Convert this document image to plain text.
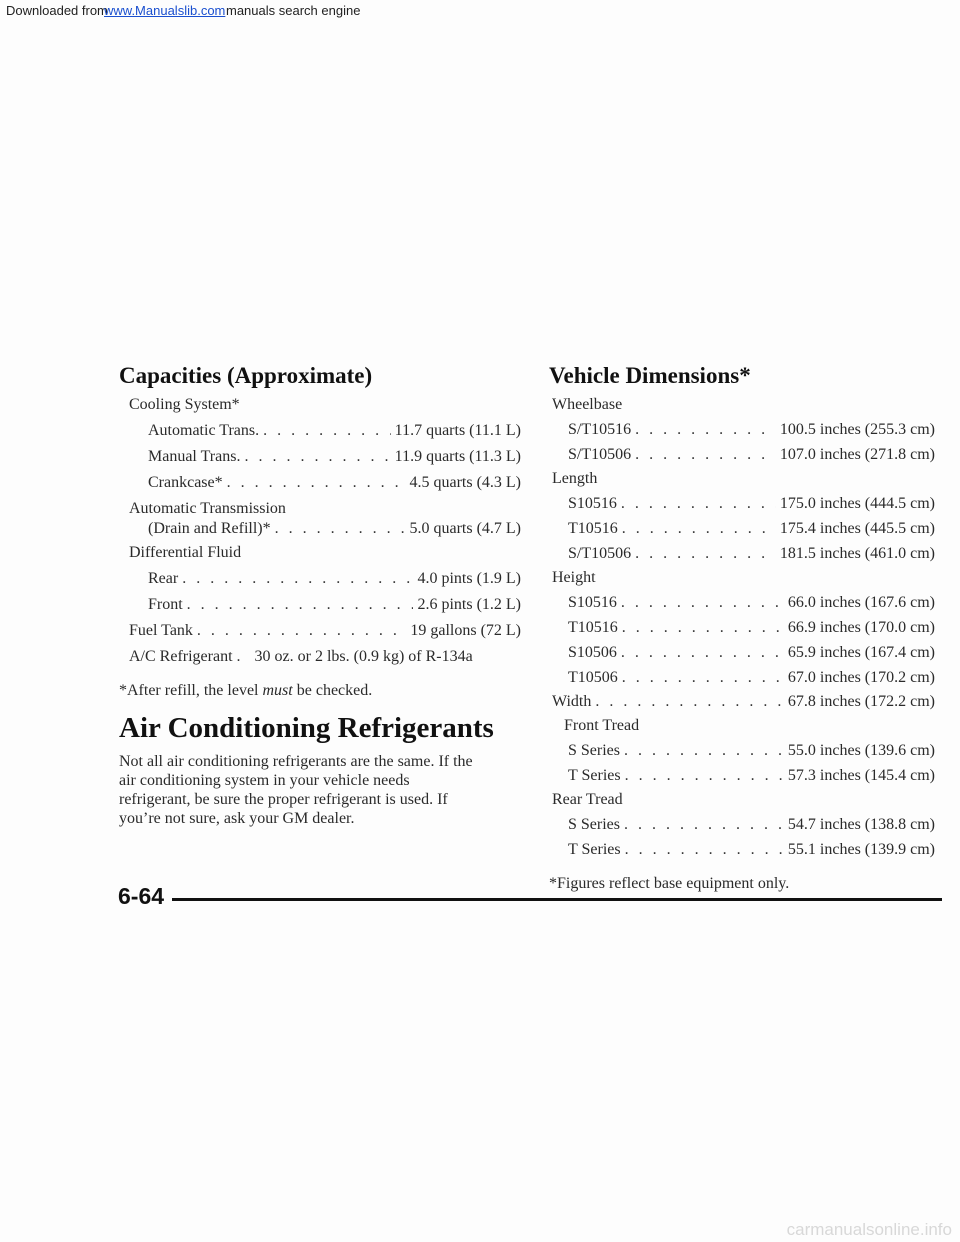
Downloaded from
www.Manualslib.com manuals search engine
Capacities (Approximate)
Cooling System*
Automatic Trans. . . .	11.7 quarts (11.1 L)
Manual Trans. . . .	11.9 quarts (11.3 L)
Crankcase* . . .	4.5 quarts (4.3 L)
Automatic Transmission
(Drain and Refill)* . . .	5.0 quarts (4.7 L)
Differential Fluid
Rear . . .	4.0 pints (1.9 L)
Front . . .	2.6 pints (1.2 L)
Fuel Tank . . .	19 gallons (72 L)
A/C Refrigerant . . . 30 oz. or 2 lbs. (0.9 kg) of R-134a
*After refill, the level must be checked.
Air Conditioning Refrigerants

Not all air conditioning refrigerants are the same. If the

air conditioning system in your vehicle needs

refrigerant, be sure the proper refrigerant is used. If

you’re not sure, ask your GM dealer.

Vehicle Dimensions*
Wheelbase
S/T10516 . . .	100.5 inches (255.3 cm)
S/T10506 . . .	107.0 inches (271.8 cm)
Length
S10516 . . .	175.0 inches (444.5 cm)
T10516 . . .	175.4 inches (445.5 cm)
S/T10506 . . .	181.5 inches (461.0 cm)
Height
S10516 . . .	66.0 inches (167.6 cm)
T10516 . . .	66.9 inches (170.0 cm)
S10506 . . .	65.9 inches (167.4 cm)
T10506 . . .	67.0 inches (170.2 cm)
Width . . .	67.8 inches (172.2 cm)
Front Tread
S Series . . .	55.0 inches (139.6 cm)
T Series . . .	57.3 inches (145.4 cm)
Rear Tread
S Series . . .	54.7 inches (138.8 cm)
T Series . . .	55.1 inches (139.9 cm)
*Figures reflect base equipment only.
6-64
carmanualsonline.info
